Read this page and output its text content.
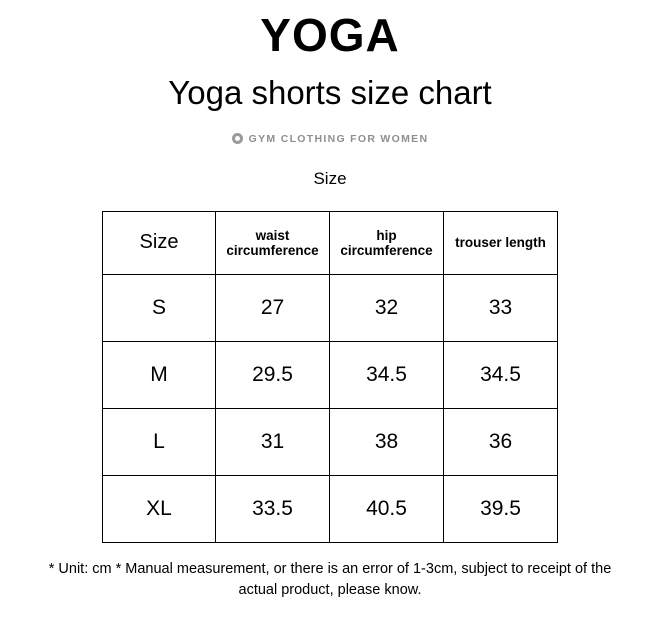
YOGA
Yoga shorts size chart
GYM CLOTHING FOR WOMEN
Size
Size	waist circumference	hip circumference	trouser length
S	27	32	33
M	29.5	34.5	34.5
L	31	38	36
XL	33.5	40.5	39.5
* Unit: cm * Manual measurement, or there is an error of 1-3cm, subject to receipt of the
actual product, please know.
